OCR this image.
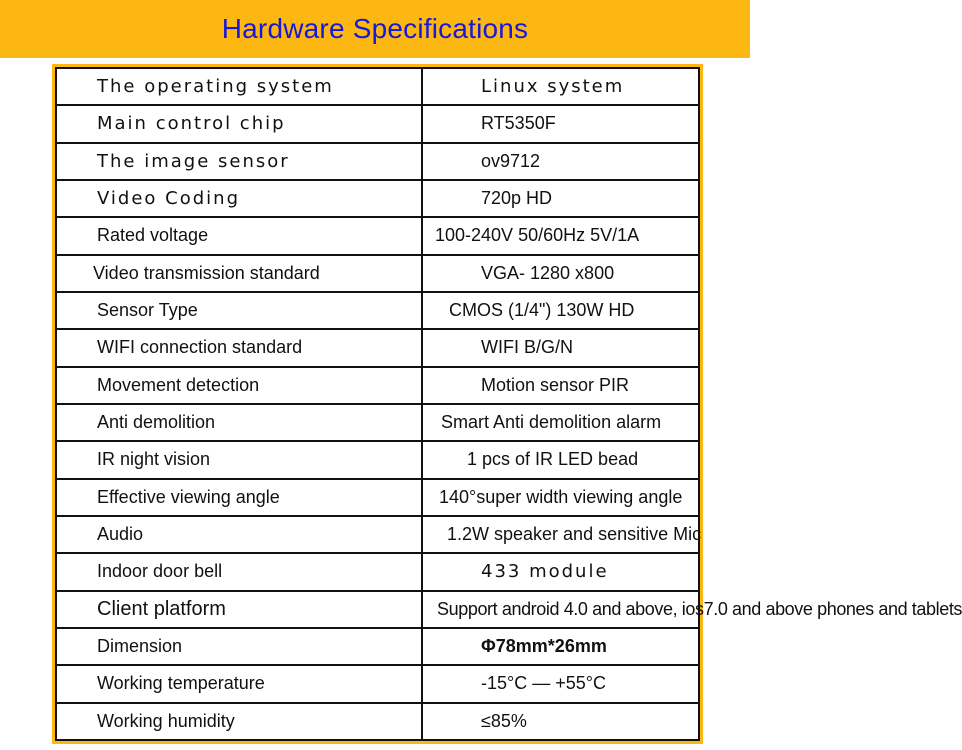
Hardware Specifications
The operating system	Linux system
Main control chip	RT5350F
The image sensor	ov9712
Video Coding	720p HD
Rated voltage	100-240V 50/60Hz 5V/1A
Video transmission standard	VGA- 1280 x800
Sensor Type	CMOS (1/4") 130W HD
WIFI connection standard	WIFI B/G/N
Movement detection	Motion sensor PIR
Anti demolition	Smart Anti demolition alarm
IR night vision	1 pcs of IR LED bead
Effective viewing angle	140°super width viewing angle
Audio	1.2W speaker and sensitive Mic
Indoor door bell	433 module
Client platform	Support android 4.0 and above, ios7.0 and above phones and tablets
Dimension	Φ78mm*26mm
Working temperature	-15°C — +55°C
Working humidity	≤85%
